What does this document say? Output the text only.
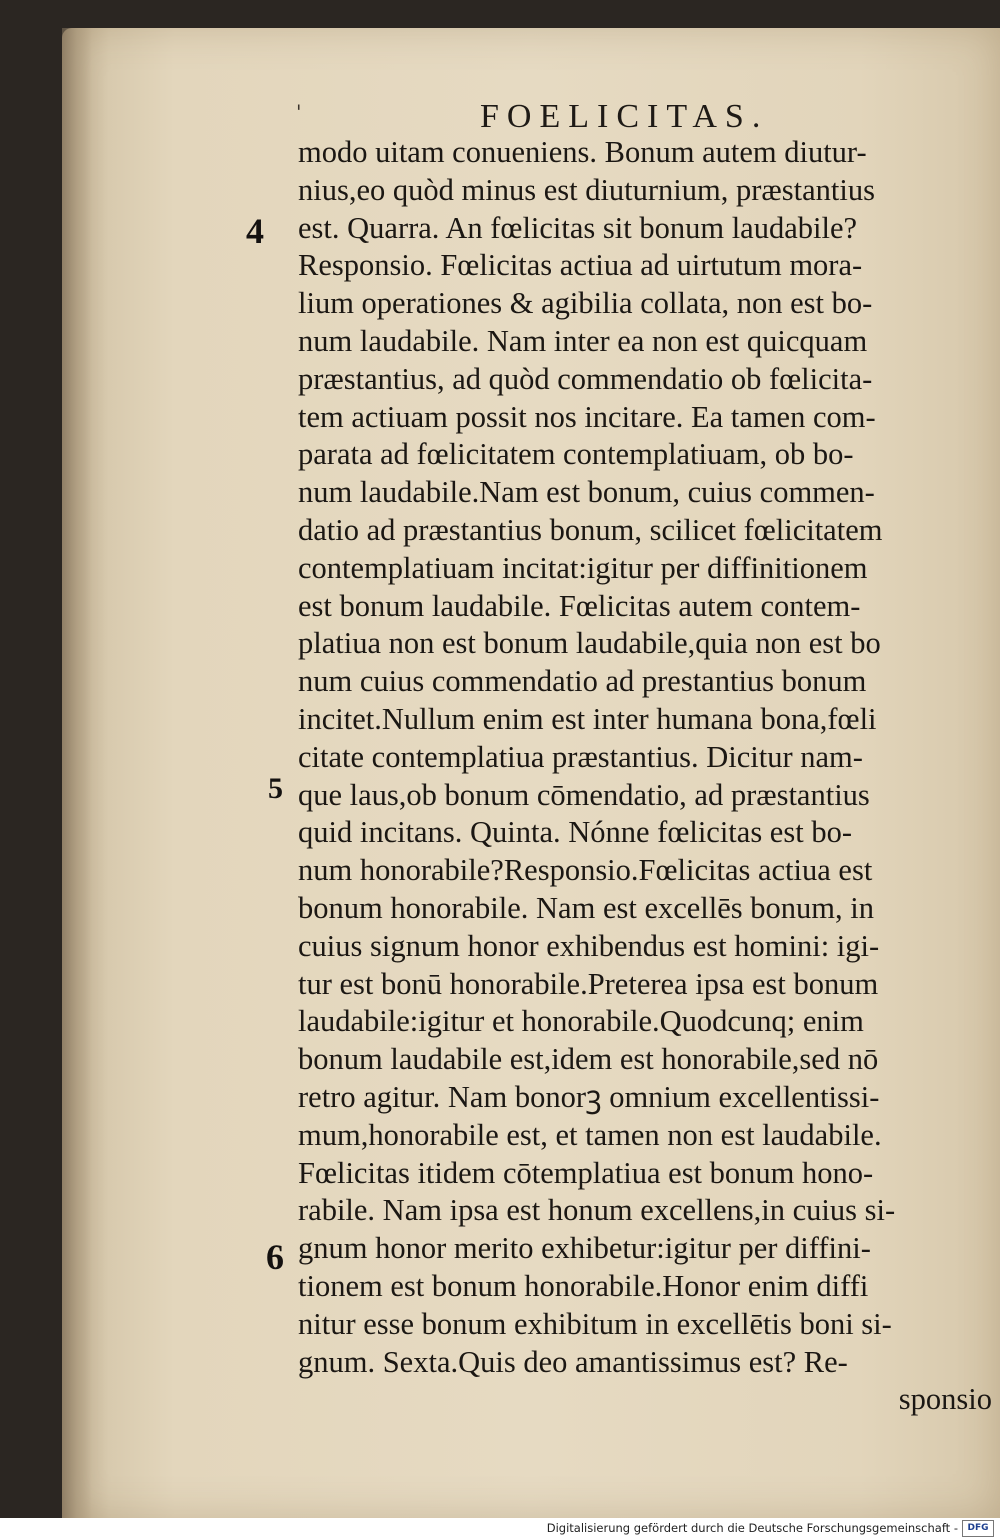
'	FOELICITAS.
4
5
6
modo uitam conueniens. Bonum autem diutur-
nius,eo quòd minus est diuturnium, præstantius
est. Quarra. An fœlicitas sit bonum laudabile?
Responsio. Fœlicitas actiua ad uirtutum mora-
lium operationes & agibilia collata, non est bo-
num laudabile. Nam inter ea non est quicquam
præstantius, ad quòd commendatio ob fœlicita-
tem actiuam possit nos incitare. Ea tamen com-
parata ad fœlicitatem contemplatiuam, ob bo-
num laudabile.Nam est bonum, cuius commen-
datio ad præstantius bonum, scilicet fœlicitatem
contemplatiuam incitat:igitur per diffinitionem
est bonum laudabile. Fœlicitas autem contem-
platiua non est bonum laudabile,quia non est bo
num cuius commendatio ad prestantius bonum
incitet.Nullum enim est inter humana bona,fœli
citate contemplatiua præstantius. Dicitur nam-
que laus,ob bonum cōmendatio, ad præstantius
quid incitans. Quinta. Nónne fœlicitas est bo-
num honorabile?Responsio.Fœlicitas actiua est
bonum honorabile. Nam est excellēs bonum, in
cuius signum honor exhibendus est homini: igi-
tur est bonū honorabile.Preterea ipsa est bonum
laudabile:igitur et honorabile.Quodcunq; enim
bonum laudabile est,idem est honorabile,sed nō
retro agitur. Nam bonorꝫ omnium excellentissi-
mum,honorabile est, et tamen non est laudabile.
Fœlicitas itidem cōtemplatiua est bonum hono-
rabile. Nam ipsa est honum excellens,in cuius si-
gnum honor merito exhibetur:igitur per diffini-
tionem est bonum honorabile.Honor enim diffi
nitur esse bonum exhibitum in excellētis boni si-
gnum. Sexta.Quis deo amantissimus est? Re-
sponsio
Digitalisierung gefördert durch die Deutsche Forschungsgemeinschaft -	DFG
